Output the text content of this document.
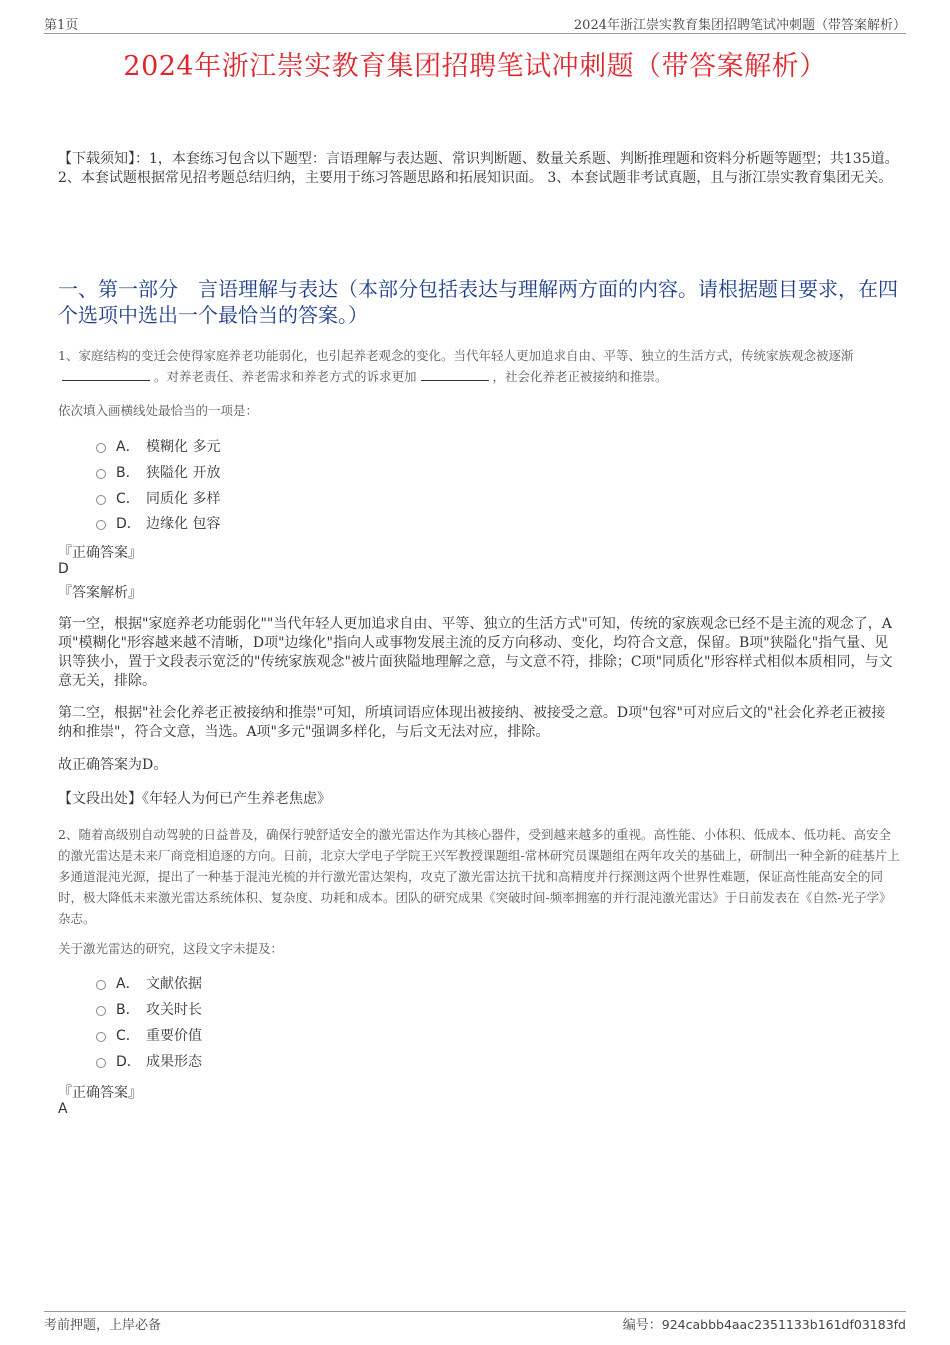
第1页	2024年浙江崇实教育集团招聘笔试冲刺题（带答案解析）
2024年浙江崇实教育集团招聘笔试冲刺题（带答案解析）
【下载须知】：1，本套练习包含以下题型：言语理解与表达题、常识判断题、数量关系题、判断推理题和资料分析题等题型；共135道。 2、本套试题根据常见招考题总结归纳，主要用于练习答题思路和拓展知识面。 3、本套试题非考试真题，且与浙江崇实教育集团无关。
一、第一部分　言语理解与表达（本部分包括表达与理解两方面的内容。请根据题目要求，在四个选项中选出一个最恰当的答案。）
1、家庭结构的变迁会使得家庭养老功能弱化，也引起养老观念的变化。当代年轻人更加追求自由、平等、独立的生活方式，传统家族观念被逐渐。对养老责任、养老需求和养老方式的诉求更加	，社会化养老正被接纳和推崇。
依次填入画横线处最恰当的一项是：
A． 模糊化 多元
B． 狭隘化 开放
C． 同质化 多样
D． 边缘化 包容
『正确答案』
D
『答案解析』
第一空，根据"家庭养老功能弱化""当代年轻人更加追求自由、平等、独立的生活方式"可知，传统的家族观念已经不是主流的观念了，A项"模糊化"形容越来越不清晰，D项"边缘化"指向人或事物发展主流的反方向移动、变化，均符合文意，保留。B项"狭隘化"指气量、见识等狭小，置于文段表示宽泛的"传统家族观念"被片面狭隘地理解之意，与文意不符，排除；C项"同质化"形容样式相似本质相同，与文意无关，排除。
第二空，根据"社会化养老正被接纳和推崇"可知，所填词语应体现出被接纳、被接受之意。D项"包容"可对应后文的"社会化养老正被接纳和推崇"，符合文意，当选。A项"多元"强调多样化，与后文无法对应，排除。
故正确答案为D。
【文段出处】《年轻人为何已产生养老焦虑》
2、随着高级别自动驾驶的日益普及，确保行驶舒适安全的激光雷达作为其核心器件，受到越来越多的重视。高性能、小体积、低成本、低功耗、高安全的激光雷达是未来厂商竞相追逐的方向。日前，北京大学电子学院王兴军教授课题组-常林研究员课题组在两年攻关的基础上，研制出一种全新的硅基片上多通道混沌光源，提出了一种基于混沌光梳的并行激光雷达架构，攻克了激光雷达抗干扰和高精度并行探测这两个世界性难题，保证高性能高安全的同时，极大降低未来激光雷达系统体积、复杂度、功耗和成本。团队的研究成果《突破时间-频率拥塞的并行混沌激光雷达》于日前发表在《自然-光子学》杂志。
关于激光雷达的研究，这段文字未提及：
A． 文献依据
B． 攻关时长
C． 重要价值
D． 成果形态
『正确答案』
A
考前押题，上岸必备	编号：924cabbb4aac2351133b161df03183fd
